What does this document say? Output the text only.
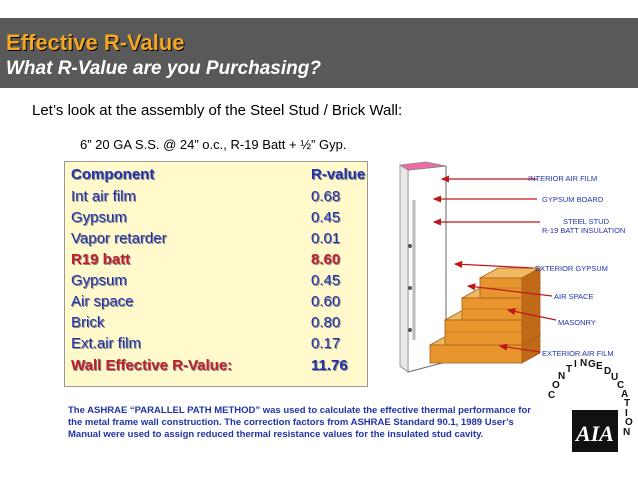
Effective R-Value
What R-Value are you Purchasing?
Let’s look at the assembly of the Steel Stud / Brick Wall:
6” 20 GA S.S. @ 24” o.c., R-19 Batt + ½” Gyp.
Component	R-value
Int air film	0.68
Gypsum	0.45
Vapor retarder	0.01
R19 batt	8.60
Gypsum	0.45
Air space	0.60
Brick	0.80
Ext.air film	0.17
Wall Effective R-Value:	11.76
AIA
C O N T I N G E D U C A T I O N
INTERIOR AIR FILM
GYPSUM BOARD
STEEL STUD
R-19 BATT INSULATION
EXTERIOR GYPSUM
AIR SPACE
MASONRY
EXTERIOR AIR FILM
The ASHRAE “PARALLEL PATH METHOD” was used to calculate the effective thermal performance for
the metal frame wall construction. The correction factors from ASHRAE Standard 90.1, 1989 User’s
Manual were used to assign reduced thermal resistance values for the insulated stud cavity.
